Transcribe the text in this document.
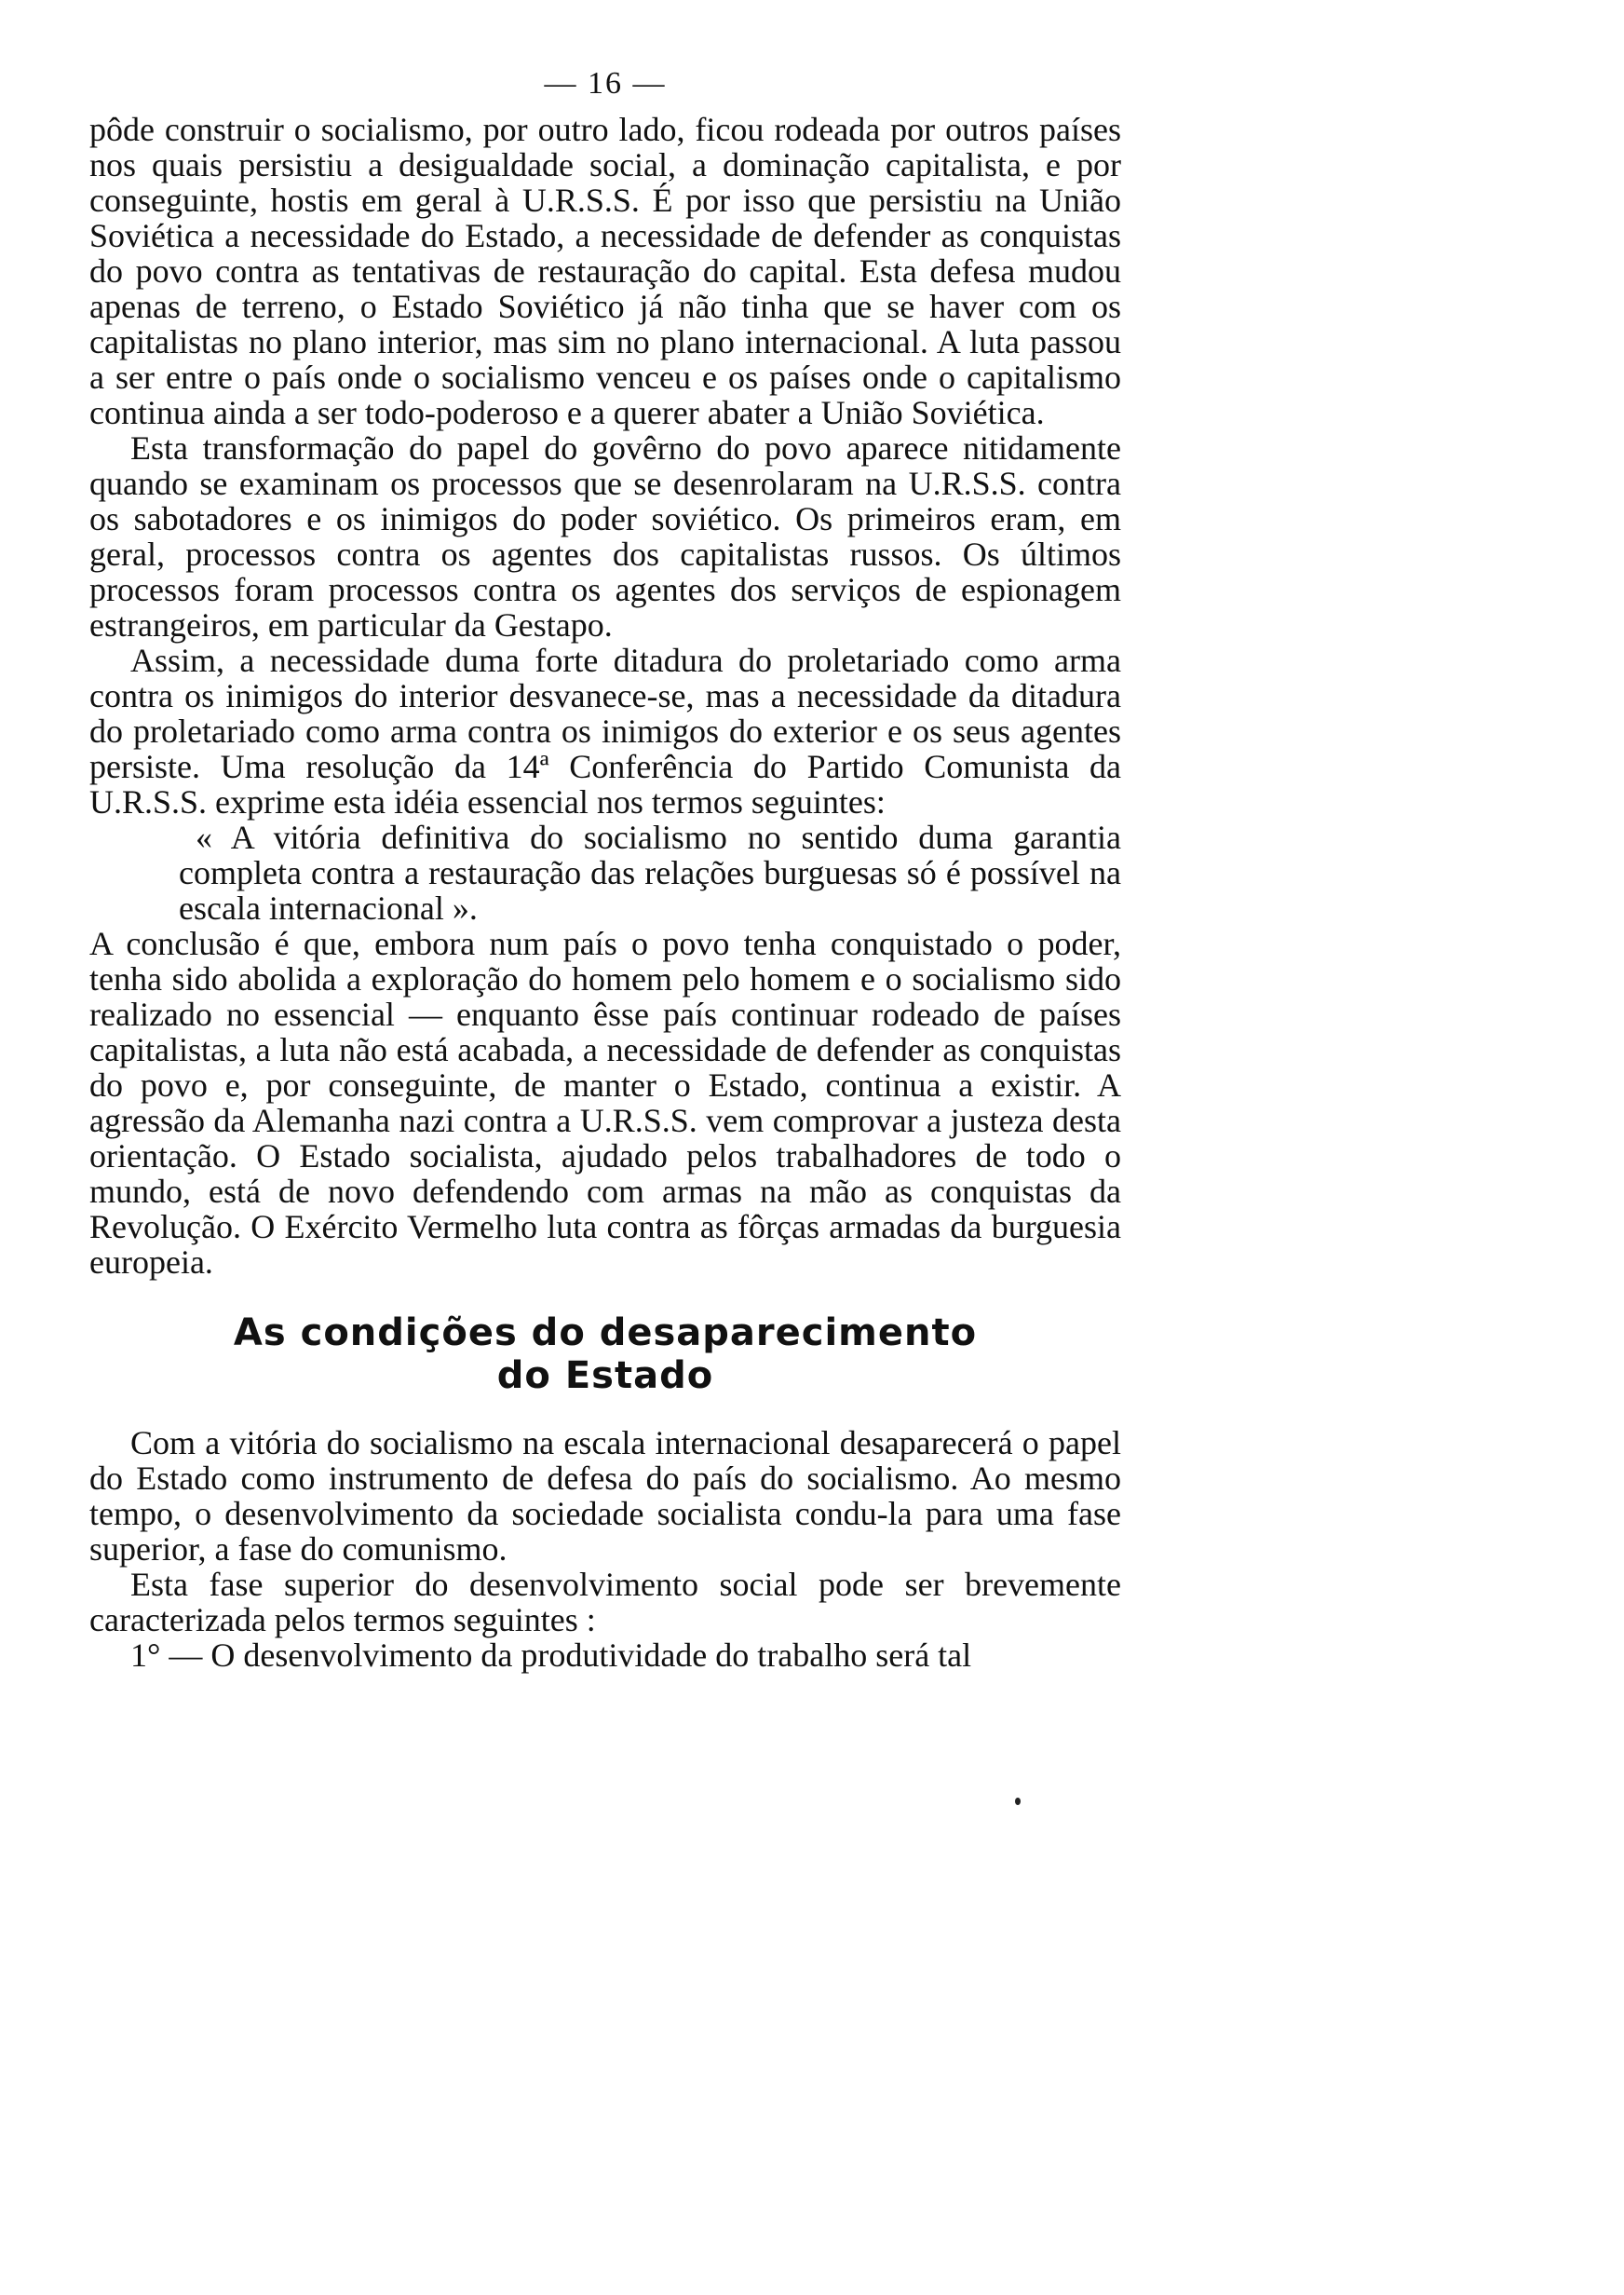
— 16 —

pôde construir o socialismo, por outro lado, ficou rodeada por outros países nos quais persistiu a desigualdade social, a dominação capitalista, e por conseguinte, hostis em geral à U.R.S.S. É por isso que persistiu na União Soviética a necessidade do Estado, a necessidade de defender as conquistas do povo contra as tentativas de restauração do capital. Esta defesa mudou apenas de terreno, o Estado Soviético já não tinha que se haver com os capitalistas no plano interior, mas sim no plano internacional. A luta passou a ser entre o país onde o socialismo venceu e os países onde o capitalismo continua ainda a ser todo-poderoso e a querer abater a União Soviética.

Esta transformação do papel do govêrno do povo aparece nitidamente quando se examinam os processos que se desenrolaram na U.R.S.S. contra os sabotadores e os inimigos do poder soviético. Os primeiros eram, em geral, processos contra os agentes dos capitalistas russos. Os últimos processos foram processos contra os agentes dos serviços de espionagem estrangeiros, em particular da Gestapo.

Assim, a necessidade duma forte ditadura do proletariado como arma contra os inimigos do interior desvanece-se, mas a necessidade da ditadura do proletariado como arma contra os inimigos do exterior e os seus agentes persiste. Uma resolução da 14ª Conferência do Partido Comunista da U.R.S.S. exprime esta idéia essencial nos termos seguintes:

« A vitória definitiva do socialismo no sentido duma garantia completa contra a restauração das relações burguesas só é possível na escala internacional ».

A conclusão é que, embora num país o povo tenha conquistado o poder, tenha sido abolida a exploração do homem pelo homem e o socialismo sido realizado no essencial — enquanto êsse país continuar rodeado de países capitalistas, a luta não está acabada, a necessidade de defender as conquistas do povo e, por conseguinte, de manter o Estado, continua a existir. A agressão da Alemanha nazi contra a U.R.S.S. vem comprovar a justeza desta orientação. O Estado socialista, ajudado pelos trabalhadores de todo o mundo, está de novo defendendo com armas na mão as conquistas da Revolução. O Exército Vermelho luta contra as fôrças armadas da burguesia europeia.

As condições do desaparecimento
do Estado

Com a vitória do socialismo na escala internacional desaparecerá o papel do Estado como instrumento de defesa do país do socialismo. Ao mesmo tempo, o desenvolvimento da sociedade socialista condu-la para uma fase superior, a fase do comunismo.

Esta fase superior do desenvolvimento social pode ser brevemente caracterizada pelos termos seguintes :

1° — O desenvolvimento da produtividade do trabalho será tal
